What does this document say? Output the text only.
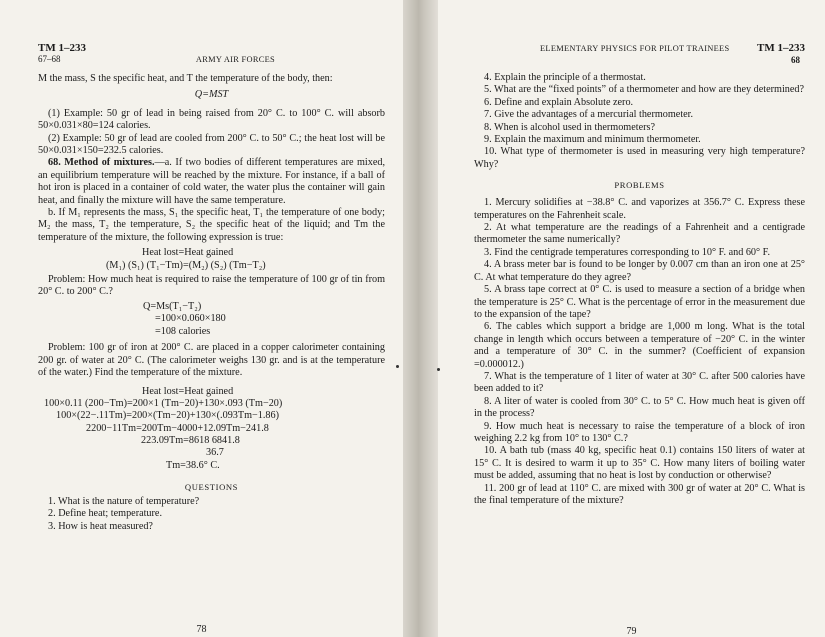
TM 1–233
67–68	ARMY AIR FORCES

M the mass, S the specific heat, and T the temperature of the body, then:

Q=MST

(1) Example: 50 gr of lead in being raised from 20° C. to 100° C. will absorb 50×0.031×80=124 calories.

(2) Example: 50 gr of lead are cooled from 200° C. to 50° C.; the heat lost will be 50×0.031×150=232.5 calories.

68. Method of mixtures.—a. If two bodies of different temperatures are mixed, an equilibrium temperature will be reached by the mixture. For instance, if a ball of hot iron is placed in a container of cold water, the water plus the container will gain heat, and finally the mixture will have the same temperature.

b. If M₁ represents the mass, S₁ the specific heat, T₁ the temperature of one body; M₂ the mass, T₂ the temperature, S₂ the specific heat of the liquid; and Tm the temperature of the mixture, the following expression is true:

Heat lost=Heat gained
(M₁) (S₁) (T₁−Tm)=(M₂) (S₂) (Tm−T₂)

Problem: How much heat is required to raise the temperature of 100 gr of tin from 20° C. to 200° C.?

Q=Ms(T₁−T₂)
=100×0.060×180
=108 calories

Problem: 100 gr of iron at 200° C. are placed in a copper calorimeter containing 200 gr. of water at 20° C. (The calorimeter weighs 130 gr. and is at the temperature of the water.) Find the temperature of the mixture.

Heat lost=Heat gained
100×0.11 (200−Tm)=200×1 (Tm−20)+130×.093 (Tm−20)
100×(22−.11Tm)=200×(Tm−20)+130×(.093Tm−1.86)
2200−11Tm=200Tm−4000+12.09Tm−241.8
223.09Tm=8618 6841.8
36.7
Tm=38.6° C.
QUESTIONS

1. What is the nature of temperature?

2. Define heat; temperature.

3. How is heat measured?

78
ELEMENTARY PHYSICS FOR PILOT TRAINEES	TM 1–233
68

4. Explain the principle of a thermostat.

5. What are the “fixed points” of a thermometer and how are they determined?

6. Define and explain Absolute zero.

7. Give the advantages of a mercurial thermometer.

8. When is alcohol used in thermometers?

9. Explain the maximum and minimum thermometer.

10. What type of thermometer is used in measuring very high temperature? Why?

PROBLEMS

1. Mercury solidifies at −38.8° C. and vaporizes at 356.7° C. Express these temperatures on the Fahrenheit scale.

2. At what temperature are the readings of a Fahrenheit and a centigrade thermometer the same numerically?

3. Find the centigrade temperatures corresponding to 10° F. and 60° F.

4. A brass meter bar is found to be longer by 0.007 cm than an iron one at 25° C. At what temperature do they agree?

5. A brass tape correct at 0° C. is used to measure a section of a bridge when the temperature is 25° C. What is the percentage of error in the measurement due to the expansion of the tape?

6. The cables which support a bridge are 1,000 m long. What is the total change in length which occurs between a temperature of −20° C. in the winter and a temperature of 30° C. in the summer? (Coefficient of expansion =0.000012.)

7. What is the temperature of 1 liter of water at 30° C. after 500 calories have been added to it?

8. A liter of water is cooled from 30° C. to 5° C. How much heat is given off in the process?

9. How much heat is necessary to raise the temperature of a block of iron weighing 2.2 kg from 10° to 130° C.?

10. A bath tub (mass 40 kg, specific heat 0.1) contains 150 liters of water at 15° C. It is desired to warm it up to 35° C. How many liters of boiling water must be added, assuming that no heat is lost by conduction or otherwise?

11. 200 gr of lead at 110° C. are mixed with 300 gr of water at 20° C. What is the final temperature of the mixture?

79
